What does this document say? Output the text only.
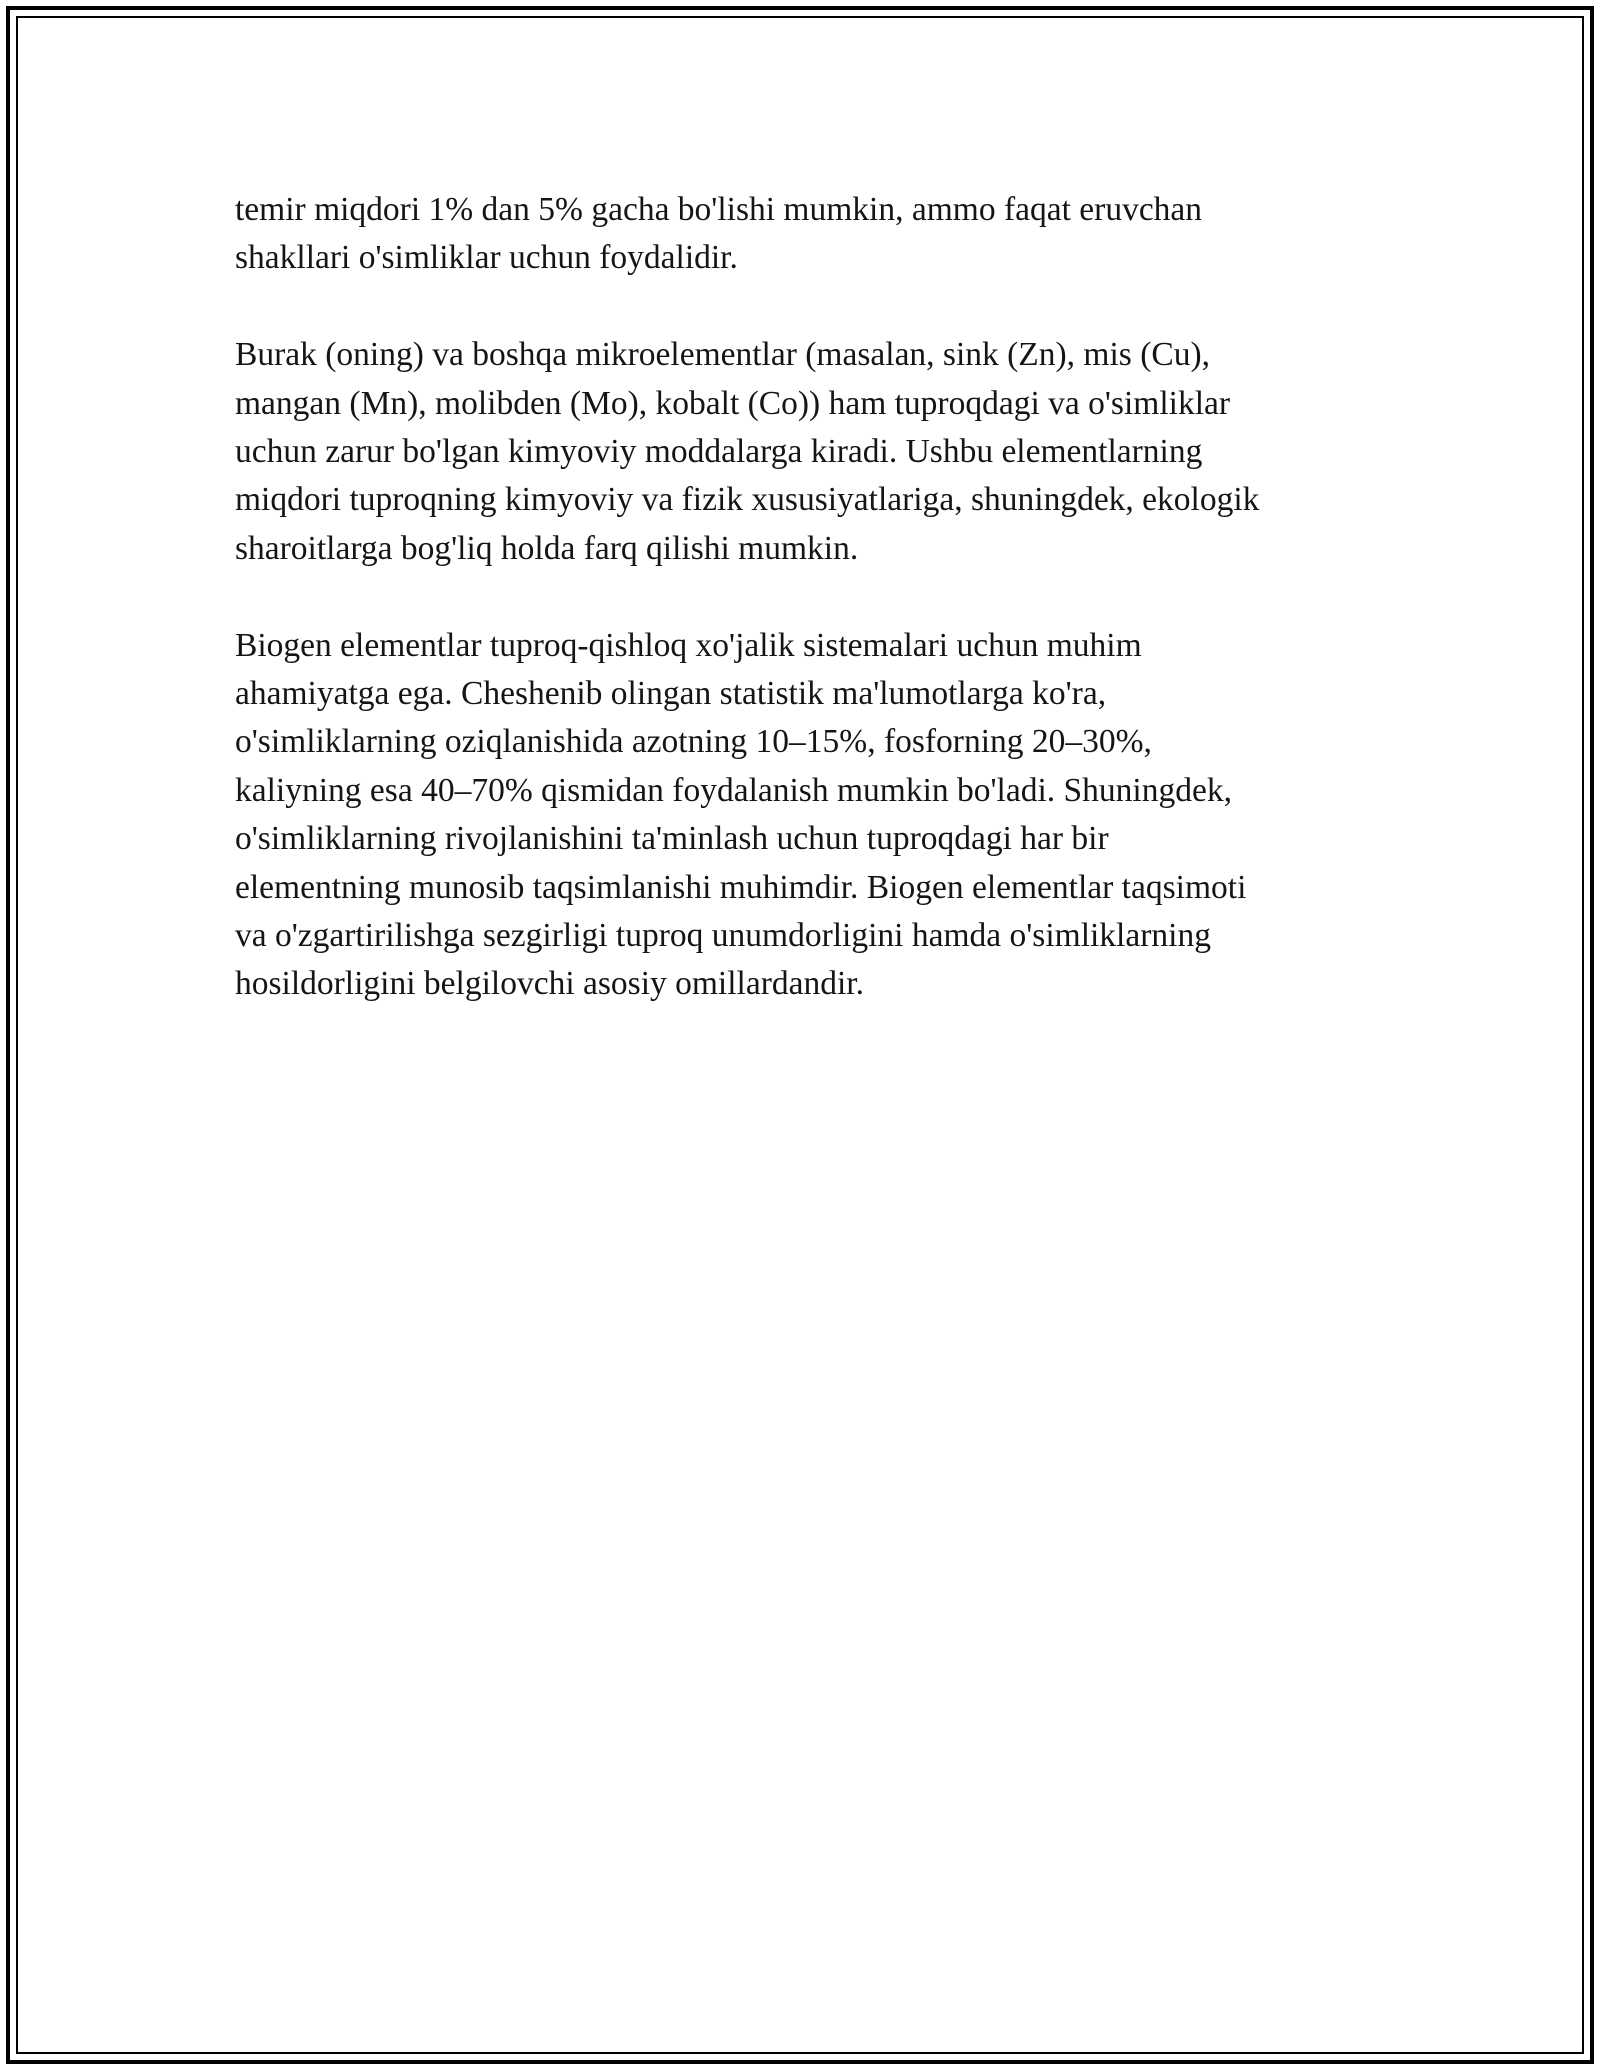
temir miqdori 1% dan 5% gacha bo'lishi mumkin, ammo faqat eruvchan
shakllari o'simliklar uchun foydalidir.

Burak (oning) va boshqa mikroelementlar (masalan, sink (Zn), mis (Cu),
mangan (Mn), molibden (Mo), kobalt (Co)) ham tuproqdagi va o'simliklar
uchun zarur bo'lgan kimyoviy moddalarga kiradi. Ushbu elementlarning
miqdori tuproqning kimyoviy va fizik xususiyatlariga, shuningdek, ekologik
sharoitlarga bog'liq holda farq qilishi mumkin.

Biogen elementlar tuproq-qishloq xo'jalik sistemalari uchun muhim
ahamiyatga ega. Cheshenib olingan statistik ma'lumotlarga ko'ra,
o'simliklarning oziqlanishida azotning 10–15%, fosforning 20–30%,
kaliyning esa 40–70% qismidan foydalanish mumkin bo'ladi. Shuningdek,
o'simliklarning rivojlanishini ta'minlash uchun tuproqdagi har bir
elementning munosib taqsimlanishi muhimdir. Biogen elementlar taqsimoti
va o'zgartirilishga sezgirligi tuproq unumdorligini hamda o'simliklarning
hosildorligini belgilovchi asosiy omillardandir.
